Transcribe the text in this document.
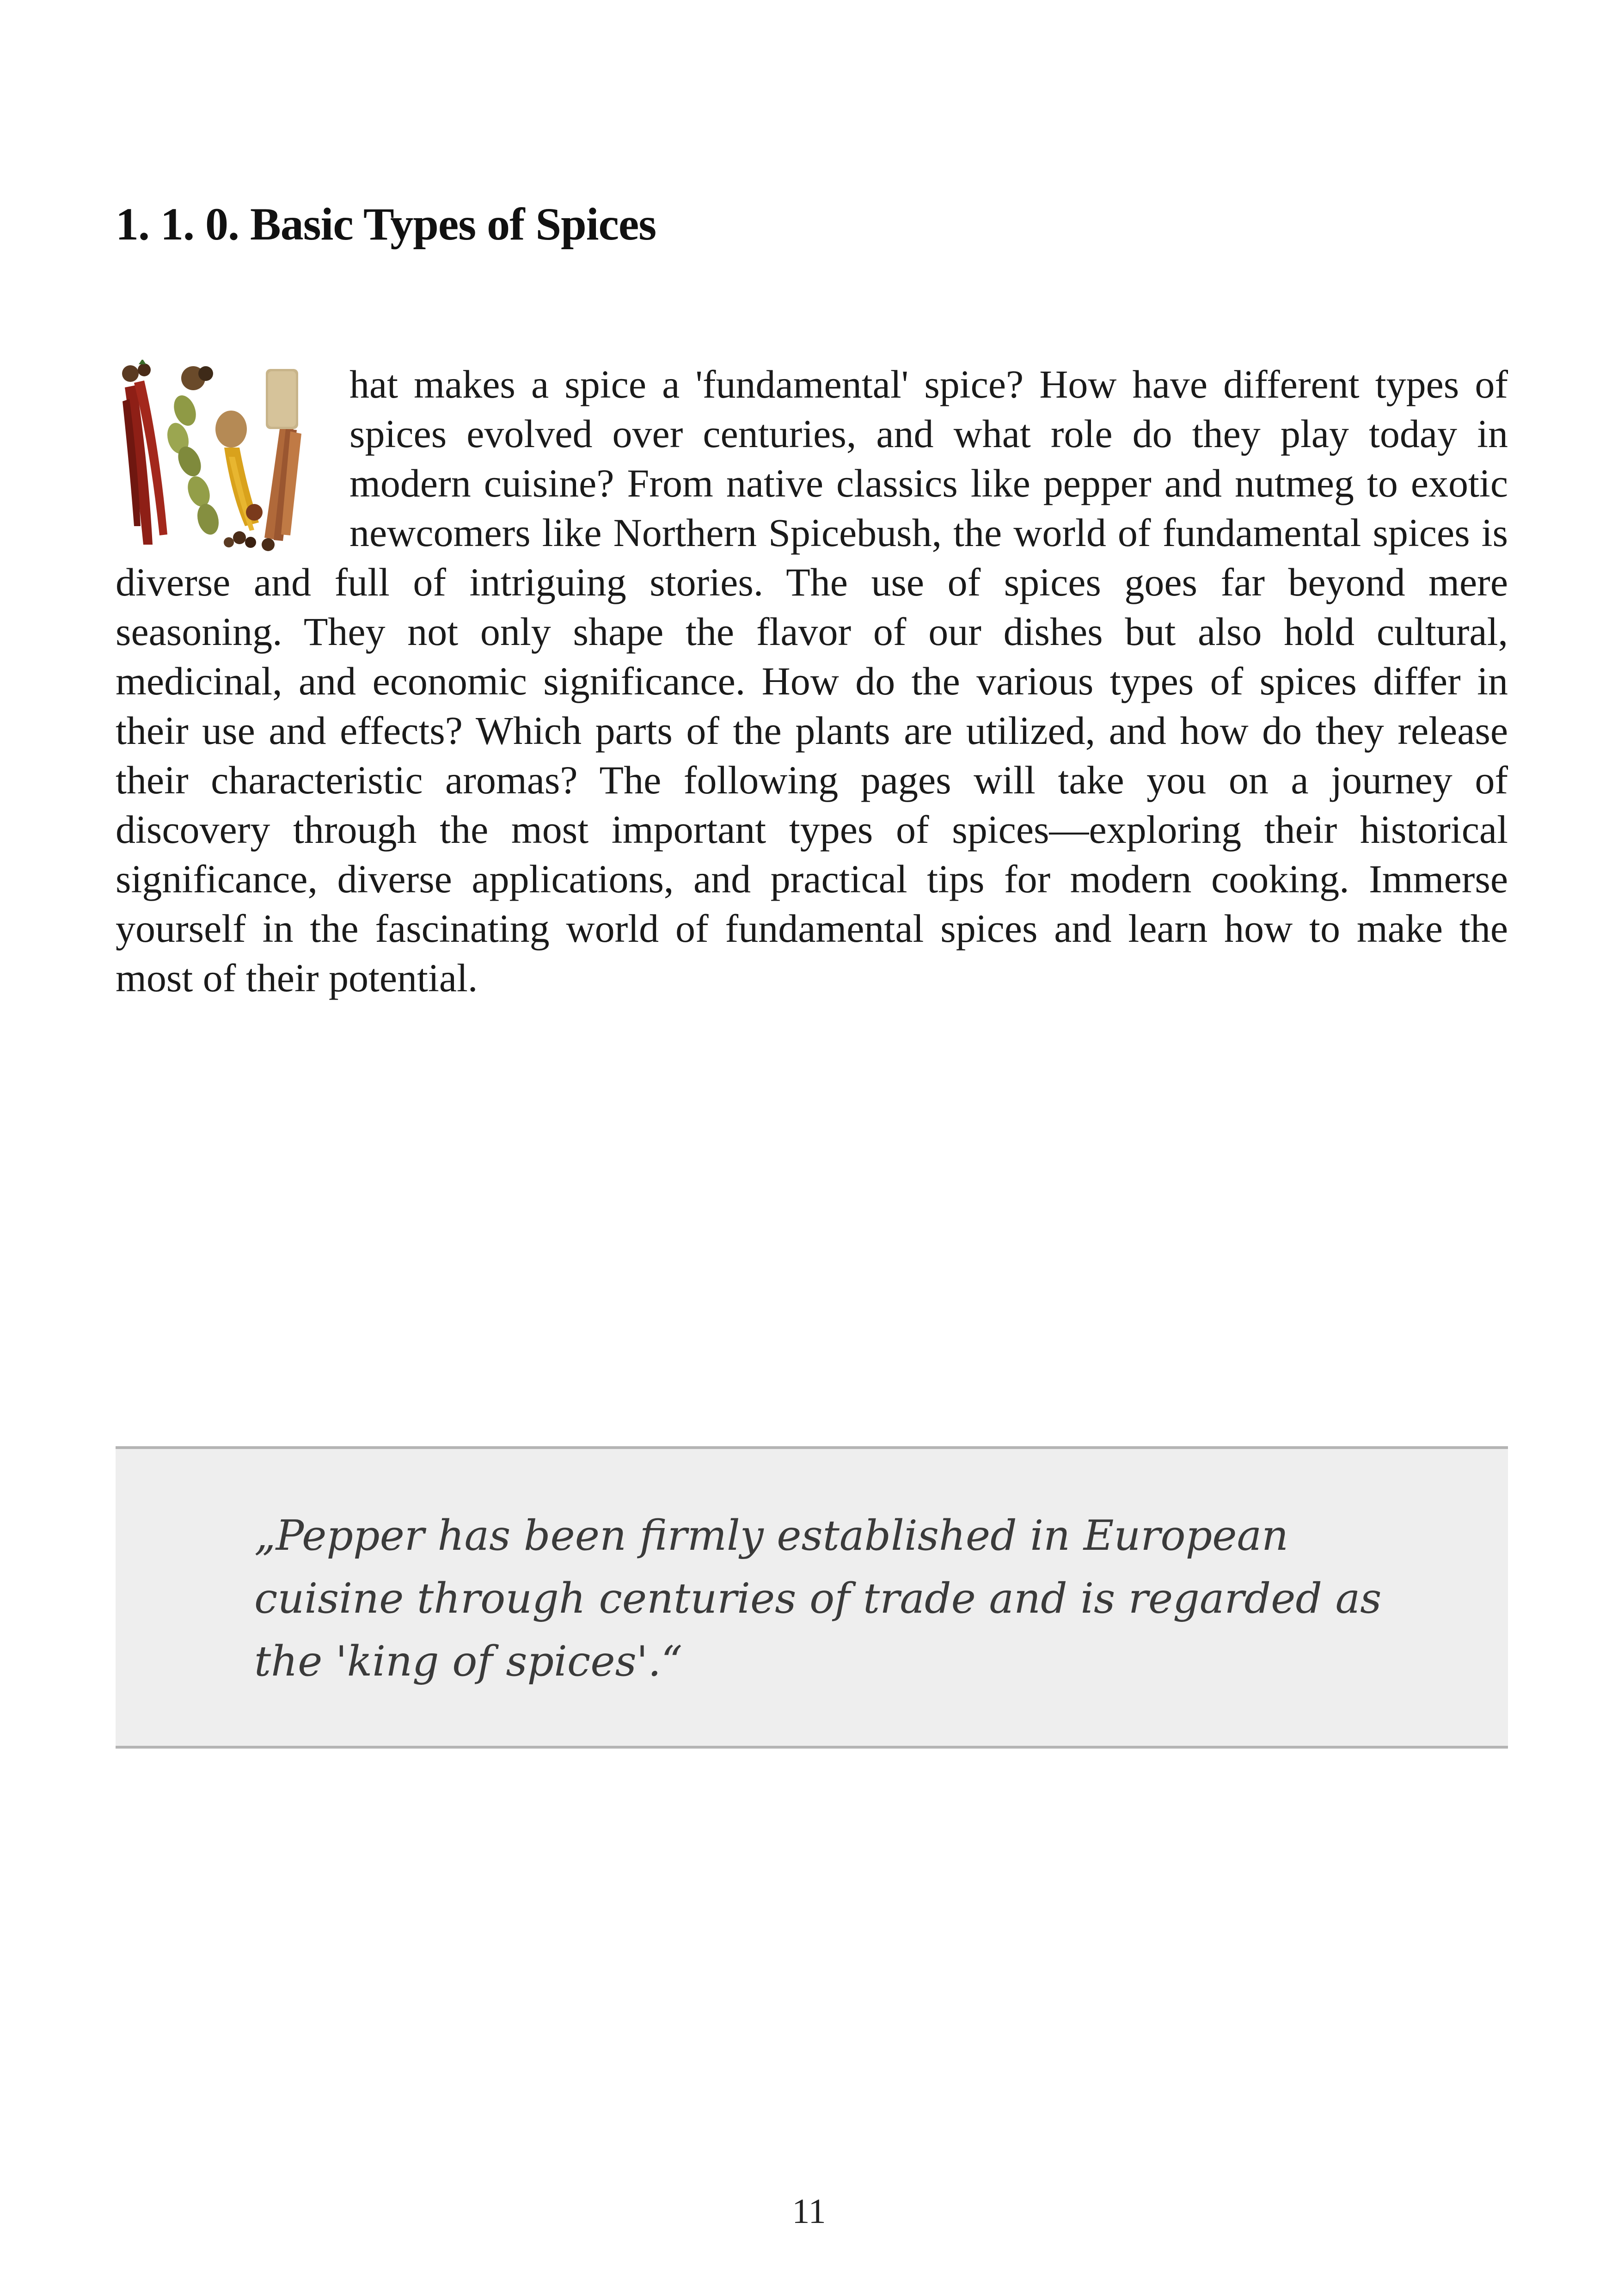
1. 1. 0. Basic Types of Spices

hat makes a spice a 'fundamental' spice? How have different types of spices evolved over centuries, and what role do they play today in modern cuisine? From native classics like pepper and nutmeg to exotic newcomers like Northern Spicebush, the world of fundamental spices is diverse and full of intriguing stories. The use of spices goes far beyond mere seasoning. They not only shape the flavor of our dishes but also hold cultural, medicinal, and economic significance. How do the various types of spices differ in their use and effects? Which parts of the plants are utilized, and how do they release their characteristic aromas? The following pages will take you on a journey of discovery through the most important types of spices—exploring their historical significance, diverse applications, and practical tips for modern cooking. Immerse yourself in the fascinating world of fundamental spices and learn how to make the most of their potential.

„Pepper has been firmly established in European cuisine through centuries of trade and is regarded as the 'king of spices'.“

11
